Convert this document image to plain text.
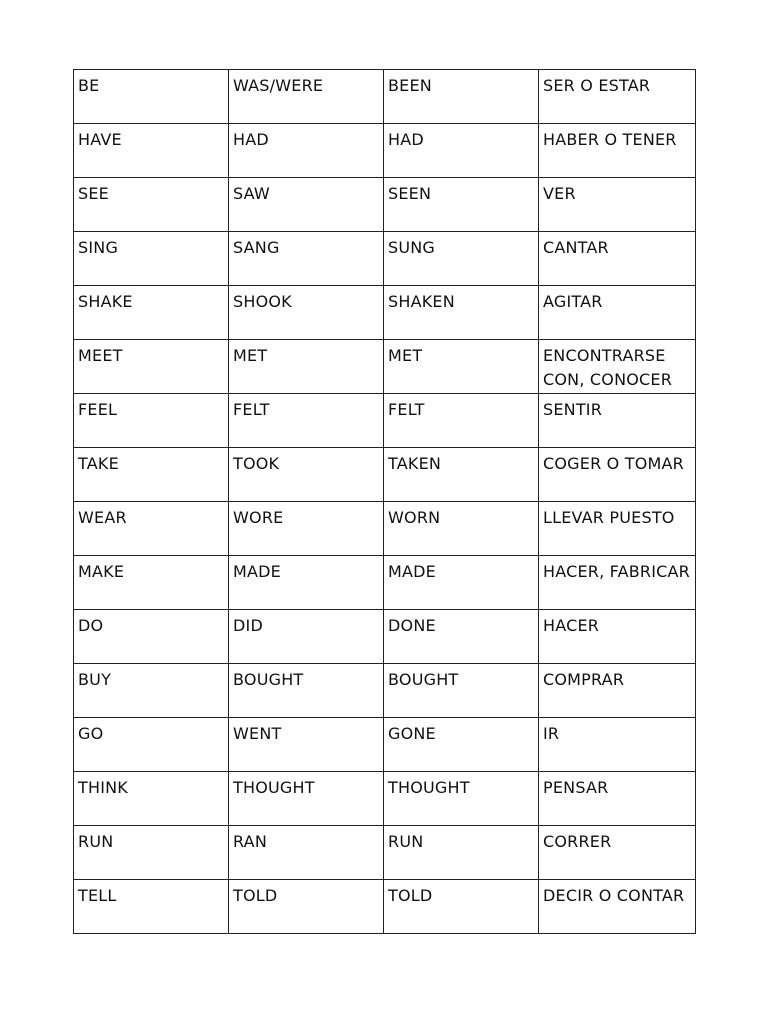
BE	WAS/WERE	BEEN	SER O ESTAR
HAVE	HAD	HAD	HABER O TENER
SEE	SAW	SEEN	VER
SING	SANG	SUNG	CANTAR
SHAKE	SHOOK	SHAKEN	AGITAR
MEET	MET	MET	ENCONTRARSE CON, CONOCER
FEEL	FELT	FELT	SENTIR
TAKE	TOOK	TAKEN	COGER O TOMAR
WEAR	WORE	WORN	LLEVAR PUESTO
MAKE	MADE	MADE	HACER, FABRICAR
DO	DID	DONE	HACER
BUY	BOUGHT	BOUGHT	COMPRAR
GO	WENT	GONE	IR
THINK	THOUGHT	THOUGHT	PENSAR
RUN	RAN	RUN	CORRER
TELL	TOLD	TOLD	DECIR O CONTAR
